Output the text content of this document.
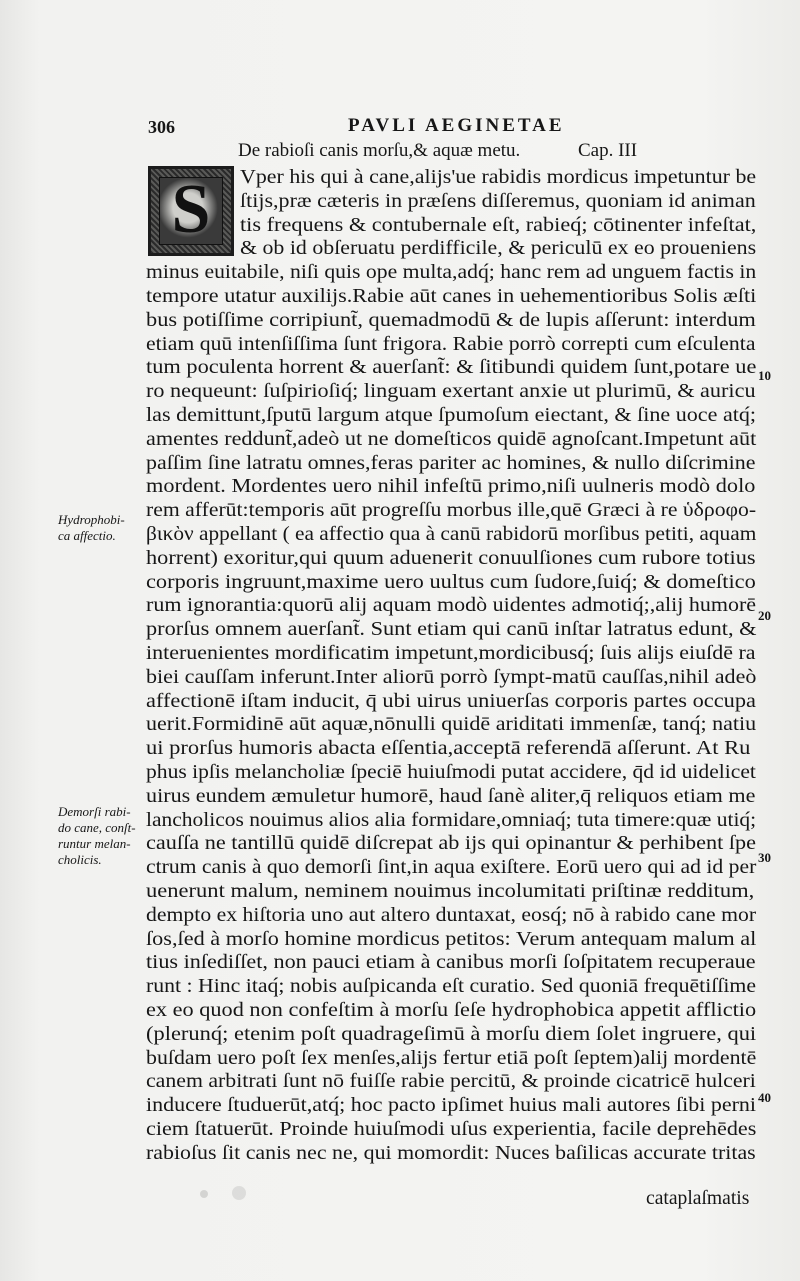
306	PAVLI AEGINETAE
De rabioſi canis morſu,& aquæ metu.	Cap. III
S	Vper his qui à cane,alijs'ue rabidis mordicus impetuntur be
ſtijs,præ cæteris in præſens diſſeremus, quoniam id animan
tis frequens & contubernale eſt, rabieq́; cōtinenter infeſtat,
& ob id obſeruatu perdifficile, & periculū ex eo proueniens
minus euitabile, niſi quis ope multa,adq́; hanc rem ad unguem factis in
tempore utatur auxilijs.Rabie aūt canes in uehementioribus Solis æſti
bus potiſſime corripiunt̃, quemadmodū & de lupis aſſerunt: interdum
etiam quū intenſiſſima ſunt frigora. Rabie porrò correpti cum eſculenta
tum poculenta horrent & auerſant̃: & ſitibundi quidem ſunt,potare ue
ro nequeunt: ſuſpirioſiq́; linguam exertant anxie ut plurimū, & auricu
las demittunt,ſputū largum atque ſpumoſum eiectant, & ſine uoce atq́;
amentes reddunt̃,adeò ut ne domeſticos quidē agnoſcant.Impetunt aūt
paſſim ſine latratu omnes,feras pariter ac homines, & nullo diſcrimine
mordent. Mordentes uero nihil infeſtū primo,niſi uulneris modò dolo
rem afferūt:temporis aūt progreſſu morbus ille,quē Græci à re ὑδροφο-
βικὸν appellant ( ea affectio qua à canū rabidorū morſibus petiti, aquam
horrent) exoritur,qui quum aduenerit conuulſiones cum rubore totius
corporis ingruunt,maxime uero uultus cum ſudore,ſuiq́; & domeſtico
rum ignorantia:quorū alij aquam modò uidentes admotiq́;,alij humorē
prorſus omnem auerſant̃. Sunt etiam qui canū inſtar latratus edunt, &
interuenientes mordificatim impetunt,mordicibusq́; ſuis alijs eiuſdē ra
biei cauſſam inferunt.Inter aliorū porrò ſympt-matū cauſſas,nihil adeò
affectionē iſtam inducit, q̄ ubi uirus uniuerſas corporis partes occupa
uerit.Formidinē aūt aquæ,nōnulli quidē ariditati immenſæ, tanq́; natiu
ui prorſus humoris abacta eſſentia,acceptā referendā aſſerunt. At Ru
phus ipſis melancholiæ ſpeciē huiuſmodi putat accidere, q̄d id uidelicet
uirus eundem æmuletur humorē, haud ſanè aliter,q̄ reliquos etiam me
lancholicos nouimus alios alia formidare,omniaq́; tuta timere:quæ utiq́;
cauſſa ne tantillū quidē diſcrepat ab ijs qui opinantur & perhibent ſpe
ctrum canis à quo demorſi ſint,in aqua exiſtere. Eorū uero qui ad id per
uenerunt malum, neminem nouimus incolumitati priſtinæ redditum,
dempto ex hiſtoria uno aut altero duntaxat, eosq́; nō à rabido cane mor
ſos,ſed à morſo homine mordicus petitos: Verum antequam malum al
tius inſediſſet, non pauci etiam à canibus morſi ſoſpitatem recuperaue
runt : Hinc itaq́; nobis auſpicanda eſt curatio. Sed quoniā frequētiſſime
ex eo quod non confeſtim à morſu ſeſe hydrophobica appetit afflictio
(plerunq́; etenim poſt quadrageſimū à morſu diem ſolet ingruere, qui
buſdam uero poſt ſex menſes,alijs fertur etiā poſt ſeptem)alij mordentē
canem arbitrati ſunt nō fuiſſe rabie percitū, & proinde cicatricē hulceri
inducere ſtuduerūt,atq́; hoc pacto ipſimet huius mali autores ſibi perni
ciem ſtatuerūt. Proinde huiuſmodi uſus experientia, facile deprehēdes
rabioſus ſit canis nec ne, qui momordit: Nuces baſilicas accurate tritas
cataplaſmatis
Hydrophobi-
ca affectio.
Demorſi rabi-
do cane, conſt-
runtur melan-
cholicis.
10
20
30
40
